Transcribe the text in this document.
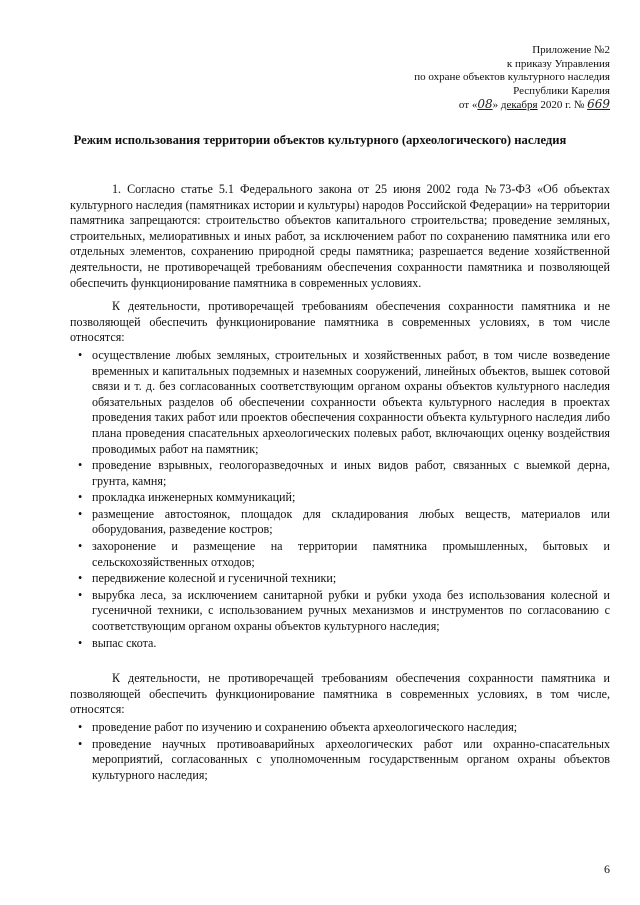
Приложение №2
к приказу Управления
по охране объектов культурного наследия
Республики Карелия
от «08» декабря 2020 г. № 669
Режим использования территории объектов культурного (археологического) наследия

1. Согласно статье 5.1 Федерального закона от 25 июня 2002 года №73-ФЗ «Об объектах культурного наследия (памятниках истории и культуры) народов Российской Федерации» на территории памятника запрещаются: строительство объектов капитального строительства; проведение земляных, строительных, мелиоративных и иных работ, за исключением работ по сохранению памятника или его отдельных элементов, сохранению природной среды памятника; разрешается ведение хозяйственной деятельности, не противоречащей требованиям обеспечения сохранности памятника и позволяющей обеспечить функционирование памятника в современных условиях.

К деятельности, противоречащей требованиям обеспечения сохранности памятника и не позволяющей обеспечить функционирование памятника в современных условиях, в том числе относятся:

• осуществление любых земляных, строительных и хозяйственных работ, в том числе возведение временных и капитальных подземных и наземных сооружений, линейных объектов, вышек сотовой связи и т. д. без согласованных соответствующим органом охраны объектов культурного наследия обязательных разделов об обеспечении сохранности объекта культурного наследия в проектах проведения таких работ или проектов обеспечения сохранности объекта культурного наследия либо плана проведения спасательных археологических полевых работ, включающих оценку воздействия проводимых работ на памятник;
• проведение взрывных, геологоразведочных и иных видов работ, связанных с выемкой дерна, грунта, камня;
• прокладка инженерных коммуникаций;
• размещение автостоянок, площадок для складирования любых веществ, материалов или оборудования, разведение костров;
• захоронение и размещение на территории памятника промышленных, бытовых и сельскохозяйственных отходов;
• передвижение колесной и гусеничной техники;
• вырубка леса, за исключением санитарной рубки и рубки ухода без использования колесной и гусеничной техники, с использованием ручных механизмов и инструментов по согласованию с соответствующим органом охраны объектов культурного наследия;
• выпас скота.

К деятельности, не противоречащей требованиям обеспечения сохранности памятника и позволяющей обеспечить функционирование памятника в современных условиях, в том числе, относятся:

• проведение работ по изучению и сохранению объекта археологического наследия;
• проведение научных противоаварийных археологических работ или охранно-спасательных мероприятий, согласованных с уполномоченным государственным органом охраны объектов культурного наследия;
6
